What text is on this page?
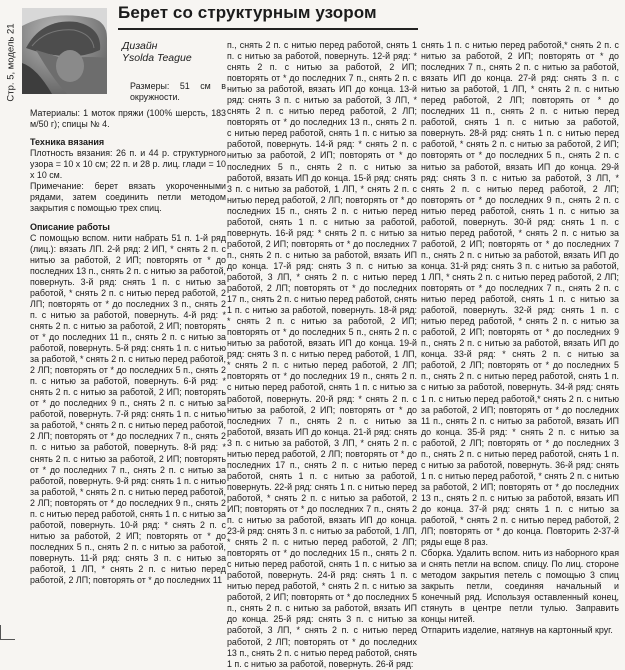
Стр. 5, модель 21
Берет со структурным узором
Дизайн
Ysolda Teague

Размеры: 51 см в окружности.

Материалы: 1 моток пряжи (100% шерсть, 183 м/50 г); спицы № 4.

Техника вязания

Плотность вязания: 26 п. и 44 р. структурного узора = 10 х 10 см; 22 п. и 28 р. лиц. глади = 10 х 10 см.

Примечание: берет вязать укороченными рядами, затем соединить петли методом закрытия с помощью трех спиц.

Описание работы

С помощью вспом. нити набрать 51 п. 1-й ряд (лиц.): вязать ЛП. 2-й ряд: 2 ИП, * снять 2 п. с нитью за работой, 2 ИП; повторять от * до последних 13 п., снять 2 п. с нитью за работой, повернуть. 3-й ряд: снять 1 п. с нитью за работой, * снять 2 п. с нитью перед работой, 2 ЛП; повторять от * до последних 3 п., снять 2 п. с нитью за работой, повернуть. 4-й ряд: * снять 2 п. с нитью за работой, 2 ИП; повторять от * до последних 11 п., снять 2 п. с нитью за работой, повернуть. 5-й ряд: снять 1 п. с нитью за работой, * снять 2 п. с нитью перед работой, 2 ЛП; повторять от * до последних 5 п., снять 2 п. с нитью за работой, повернуть. 6-й ряд: * снять 2 п. с нитью за работой, 2 ИП; повторять от * до последних 9 п., снять 2 п. с нитью за работой, повернуть. 7-й ряд: снять 1 п. с нитью за работой, * снять 2 п. с нитью перед работой, 2 ЛП; повторять от * до последних 7 п., снять 2 п. с нитью за работой, повернуть. 8-й ряд: * снять 2 п. с нитью за работой, 2 ИП; повторять от * до последних 7 п., снять 2 п. с нитью за работой, повернуть. 9-й ряд: снять 1 п. с нитью за работой, * снять 2 п. с нитью перед работой, 2 ЛП; повторять от * до последних 9 п., снять 2 п. с нитью перед работой, снять 1 п. с нитью за работой, повернуть. 10-й ряд: * снять 2 п. с нитью за работой, 2 ИП; повторять от * до последних 5 п., снять 2 п. с нитью за работой, повернуть. 11-й ряд: снять 3 п. с нитью за работой, 1 ЛП, * снять 2 п. с нитью перед работой, 2 ЛП; повторять от * до последних 11

п., снять 2 п. с нитью перед работой, снять 1 п. с нитью за работой, повернуть. 12-й ряд: * снять 2 п. с нитью за работой, 2 ИП; повторять от * до последних 7 п., снять 2 п. с нитью за работой, вязать ИП до конца. 13-й ряд: снять 3 п. с нитью за работой, 3 ЛП, * снять 2 п. с нитью перед работой, 2 ЛП; повторять от * до последних 13 п., снять 2 п. с нитью перед работой, снять 1 п. с нитью за работой, повернуть. 14-й ряд: * снять 2 п. с нитью за работой, 2 ИП; повторять от * до последних 5 п., снять 2 п. с нитью за работой, вязать ИП до конца. 15-й ряд: снять 3 п. с нитью за работой, 1 ЛП, * снять 2 п. с нитью перед работой, 2 ЛП; повторять от * до последних 15 п., снять 2 п. с нитью перед работой, снять 1 п. с нитью за работой, повернуть. 16-й ряд: * снять 2 п. с нитью за работой, 2 ИП; повторять от * до последних 7 п., снять 2 п. с нитью за работой, вязать ИП до конца. 17-й ряд: снять 3 п. с нитью за работой, 3 ЛП, * снять 2 п. с нитью перед работой, 2 ЛП; повторять от * до последних 17 п., снять 2 п. с нитью перед работой, снять 1 п. с нитью за работой, повернуть. 18-й ряд: * снять 2 п. с нитью за работой, 2 ИП; повторять от * до последних 5 п., снять 2 п. с нитью за работой, вязать ИП до конца. 19-й ряд: снять 3 п. с нитью перед работой, 1 ЛП, * снять 2 п. с нитью перед работой, 2 ЛП; повторять от * до последних 19 п., снять 2 п. с нитью перед работой, снять 1 п. с нитью за работой, повернуть. 20-й ряд: * снять 2 п. с нитью за работой, 2 ИП; повторять от * до последних 7 п., снять 2 п. с нитью за работой, вязать ИП до конца. 21-й ряд: снять 3 п. с нитью за работой, 3 ЛП, * снять 2 п. с нитью перед работой, 2 ЛП; повторять от * до последних 17 п., снять 2 п. с нитью перед работой, снять 1 п. с нитью за работой, повернуть. 22-й ряд: снять 1 п. с нитью перед работой, * снять 2 п. с нитью за работой, 2 ИП; повторять от * до последних 7 п., снять 2 п. с нитью за работой, вязать ИП до конца. 23-й ряд: снять 3 п. с нитью за работой, 1 ЛП, * снять 2 п. с нитью перед работой, 2 ЛП; повторять от * до последних 15 п., снять 2 п. с нитью перед работой, снять 1 п. с нитью за работой, повернуть. 24-й ряд: снять 1 п. с нитью перед работой, * снять 2 п. с нитью за работой, 2 ИП; повторять от * до последних 5 п., снять 2 п. с нитью за работой, вязать ИП до конца. 25-й ряд: снять 3 п. с нитью за работой, 3 ЛП, * снять 2 п. с нитью перед работой, 2 ЛП; повторять от * до последних 13 п., снять 2 п. с нитью перед работой, снять 1 п. с нитью за работой, повернуть. 26-й ряд:

снять 1 п. с нитью перед работой,* снять 2 п. с нитью за работой, 2 ИП; повторять от * до последних 7 п., снять 2 п. с нитью за работой, вязать ИП до конца. 27-й ряд: снять 3 п. с нитью за работой, 1 ЛП, * снять 2 п. с нитью перед работой, 2 ЛП; повторять от * до последних 11 п., снять 2 п. с нитью перед работой, снять 1 п. с нитью за работой, повернуть. 28-й ряд: снять 1 п. с нитью перед работой, * снять 2 п. с нитью за работой, 2 ИП; повторять от * до последних 5 п., снять 2 п. с нитью за работой, вязать ИП до конца. 29-й ряд: снять 3 п. с нитью за работой, 3 ЛП, * снять 2 п. с нитью перед работой, 2 ЛП; повторять от * до последних 9 п., снять 2 п. с нитью перед работой, снять 1 п. с нитью за работой, повернуть. 30-й ряд: снять 1 п. с нитью перед работой, * снять 2 п. с нитью за работой, 2 ИП; повторять от * до последних 7 п., снять 2 п. с нитью за работой, вязать ИП до конца. 31-й ряд: снять 3 п. с нитью за работой, 1 ЛП, * снять 2 п. с нитью перед работой, 2 ЛП; повторять от * до последних 7 п., снять 2 п. с нитью перед работой, снять 1 п. с нитью за работой, повернуть. 32-й ряд: снять 1 п. с нитью перед работой, * снять 2 п. с нитью за работой, 2 ИП; повторять от * до последних 9 п., снять 2 п. с нитью за работой, вязать ИП до конца. 33-й ряд: * снять 2 п. с нитью за работой, 2 ЛП; повторять от * до последних 5 п., снять 2 п. с нитью перед работой, снять 1 п. с нитью за работой, повернуть. 34-й ряд: снять 1 п. с нитью перед работой,* снять 2 п. с нитью за работой, 2 ИП; повторять от * до последних 11 п., снять 2 п. с нитью за работой, вязать ИП до конца. 35-й ряд: * снять 2 п. с нитью за работой, 2 ЛП; повторять от * до последних 3 п., снять 2 п. с нитью перед работой, снять 1 п. с нитью за работой, повернуть. 36-й ряд: снять 1 п. с нитью перед работой, * снять 2 п. с нитью за работой, 2 ИП; повторять от * до последних 13 п., снять 2 п. с нитью за работой, вязать ИП до конца. 37-й ряд: снять 1 п. с нитью за работой, * снять 2 п. с нитью перед работой, 2 ЛП; повторять от * до конца. Повторить 2-37-й ряды еще 8 раз.

Сборка. Удалить вспом. нить из наборного края и снять петли на вспом. спицу. По лиц. стороне методом закрытия петель с помощью 3 спиц закрыть петли, соединяя начальный и конечный ряд. Используя оставленный конец, стянуть в центре петли тулью. Заправить концы нитей.

Отпарить изделие, натянув на картонный круг.
